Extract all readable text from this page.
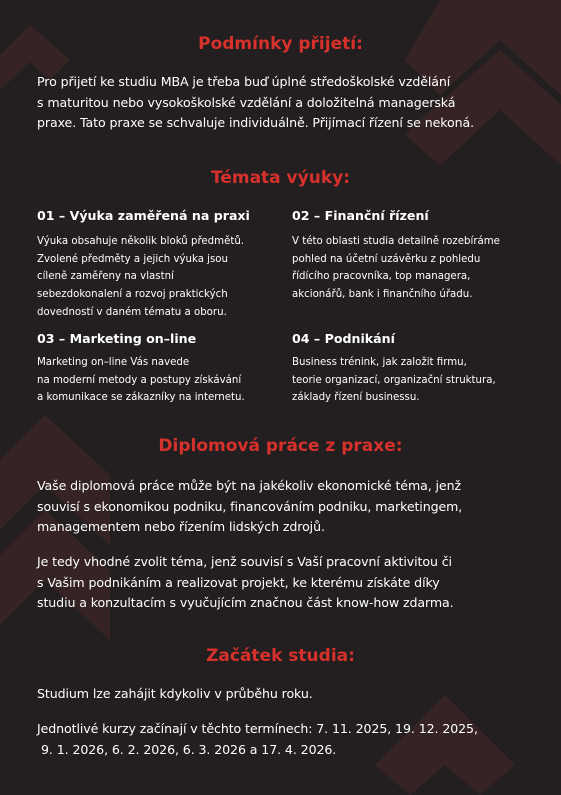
Podmínky přijetí:
Pro přijetí ke studiu MBA je třeba buď úplné středoškolské vzdělání
s maturitou nebo vysokoškolské vzdělání a doložitelná managerská
praxe. Tato praxe se schvaluje individuálně. Přijímací řízení se nekoná.
Témata výuky:
01 – Výuka zaměřená na praxi
Výuka obsahuje několik bloků předmětů.
Zvolené předměty a jejich výuka jsou
cíleně zaměřeny na vlastní
sebezdokonalení a rozvoj praktických
dovedností v daném tématu a oboru.
02 – Finanční řízení
V této oblasti studia detailně rozebíráme
pohled na účetní uzávěrku z pohledu
řídícího pracovníka, top managera,
akcionářů, bank i finančního úřadu.
03 – Marketing on–line
Marketing on–line Vás navede
na moderní metody a postupy získávání
a komunikace se zákazníky na internetu.
04 – Podnikání
Business trénink, jak založit firmu,
teorie organizací, organizační struktura,
základy řízení businessu.
Diplomová práce z praxe:
Vaše diplomová práce může být na jakékoliv ekonomické téma, jenž
souvisí s ekonomikou podniku, financováním podniku, marketingem,
managementem nebo řízením lidských zdrojů.
Je tedy vhodné zvolit téma, jenž souvisí s Vaší pracovní aktivitou či
s Vašim podnikáním a realizovat projekt, ke kterému získáte díky
studiu a konzultacím s vyučujícím značnou část know-how zdarma.
Začátek studia:
Studium lze zahájit kdykoliv v průběhu roku.
Jednotlivé kurzy začínají v těchto termínech: 7. 11. 2025, 19. 12. 2025,
9. 1. 2026, 6. 2. 2026, 6. 3. 2026 a 17. 4. 2026.
